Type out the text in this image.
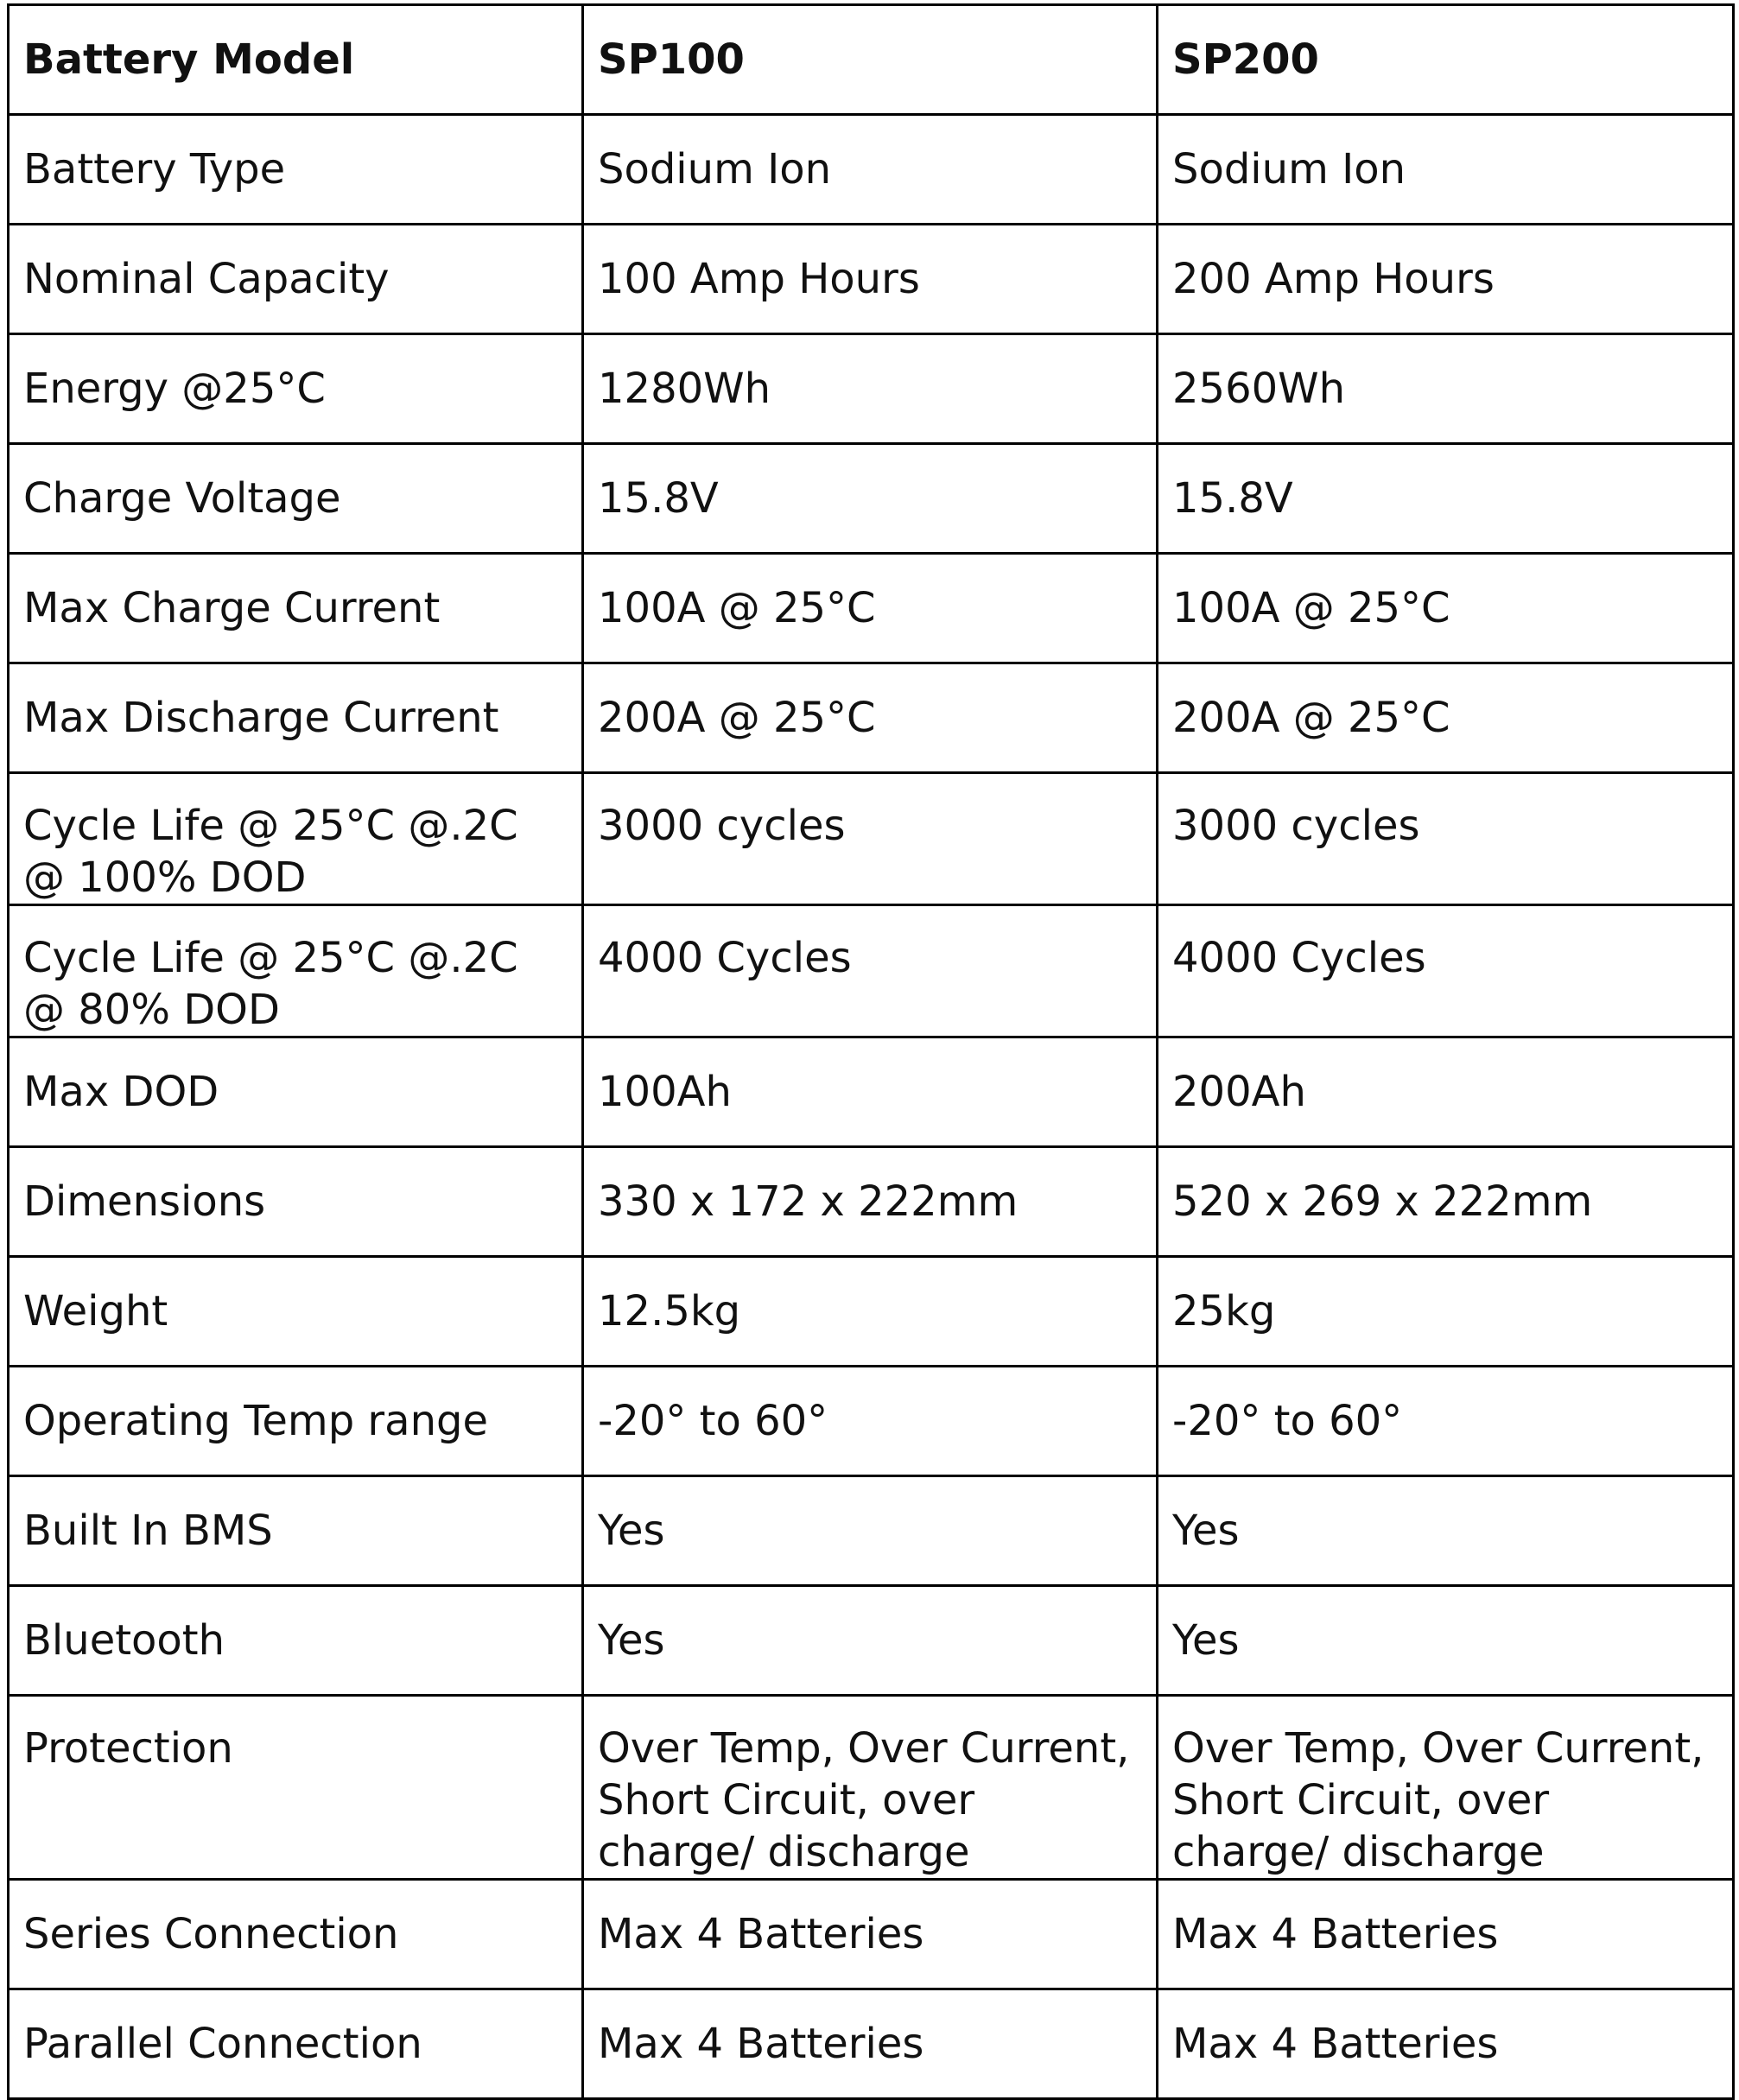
Battery Model	SP100	SP200
Battery Type	Sodium Ion	Sodium Ion
Nominal Capacity	100 Amp Hours	200 Amp Hours
Energy @25°C	1280Wh	2560Wh
Charge Voltage	15.8V	15.8V
Max Charge Current	100A @ 25°C	100A @ 25°C
Max Discharge Current	200A @ 25°C	200A @ 25°C
Cycle Life @ 25°C @.2C @ 100% DOD	3000 cycles	3000 cycles
Cycle Life @ 25°C @.2C @ 80% DOD	4000 Cycles	4000 Cycles
Max DOD	100Ah	200Ah
Dimensions	330 x 172 x 222mm	520 x 269 x 222mm
Weight	12.5kg	25kg
Operating Temp range	-20° to 60°	-20° to 60°
Built In BMS	Yes	Yes
Bluetooth	Yes	Yes
Protection	Over Temp, Over Current, Short Circuit, over charge/ discharge	Over Temp, Over Current, Short Circuit, over charge/ discharge
Series Connection	Max 4 Batteries	Max 4 Batteries
Parallel Connection	Max 4 Batteries	Max 4 Batteries
